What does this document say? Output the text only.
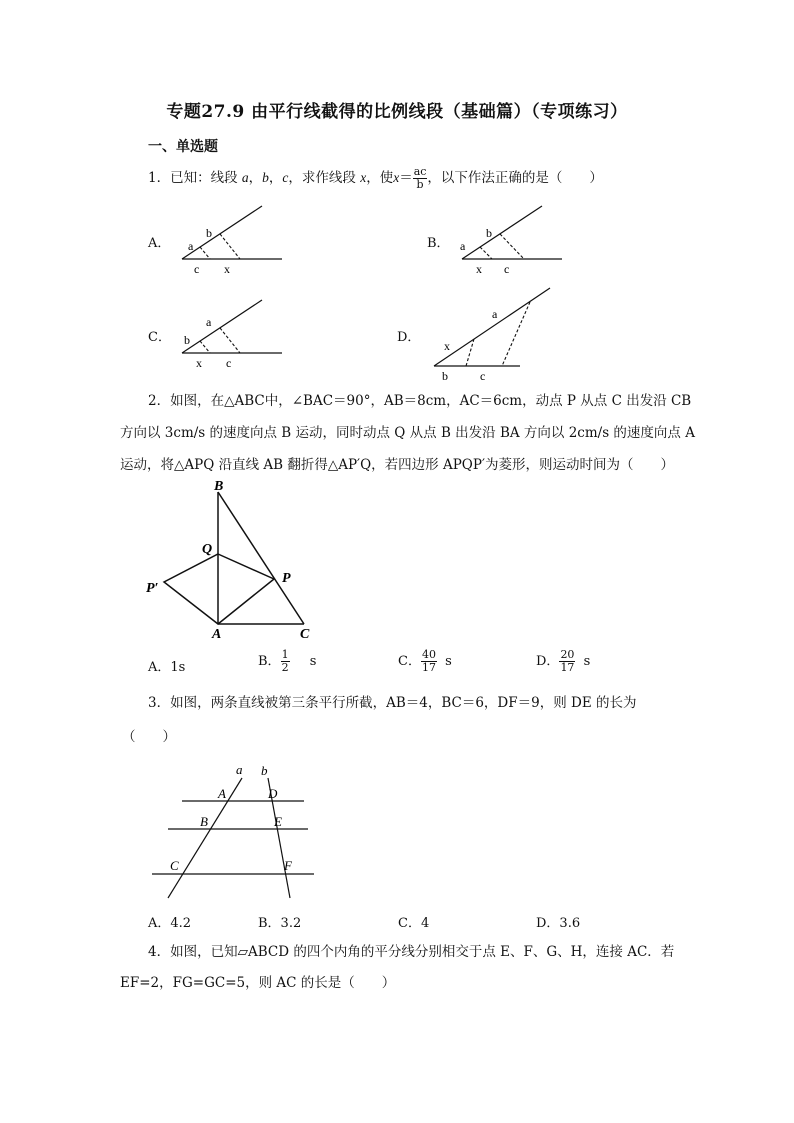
专题27.9 由平行线截得的比例线段（基础篇）（专项练习）
一、单选题
1．已知：线段 a，b，c，求作线段 x，使$x= \frac{ac}{b}$ ，以下作法正确的是（　　）
A． a
b
c x
B． a
b
x c
C． b
a
x c
D．
x
a
b	c
2．如图，在△ABC中，∠BAC＝90°，AB＝8cm，AC＝6cm，动点 P 从点 C 出发沿 CB
方向以 3cm/s 的速度向点 B 运动，同时动点 Q 从点 B 出发沿 BA 方向以 2cm/s 的速度向点 A
运动，将△APQ 沿直线 AB 翻折得△AP′Q，若四边形 APQP′为菱形，则运动时间为（　　）
B
Q
P
P′
A	C
A．1s	B． $\frac{1}{2}$ s	C． $\frac{40}{17}$ s	D． $\frac{20}{17}$ s
3．如图，两条直线被第三条平行所截，AB＝4，BC＝6，DF＝9，则 DE 的长为
（　　）
a b
A
B
C
D
E
F
A．4.2	B．3.2	C．4	D．3.6
4．如图，已知▱ABCD 的四个内角的平分线分别相交于点 E、F、G、H，连接 AC．若
EF=2，FG=GC=5，则 AC 的长是（　　）
